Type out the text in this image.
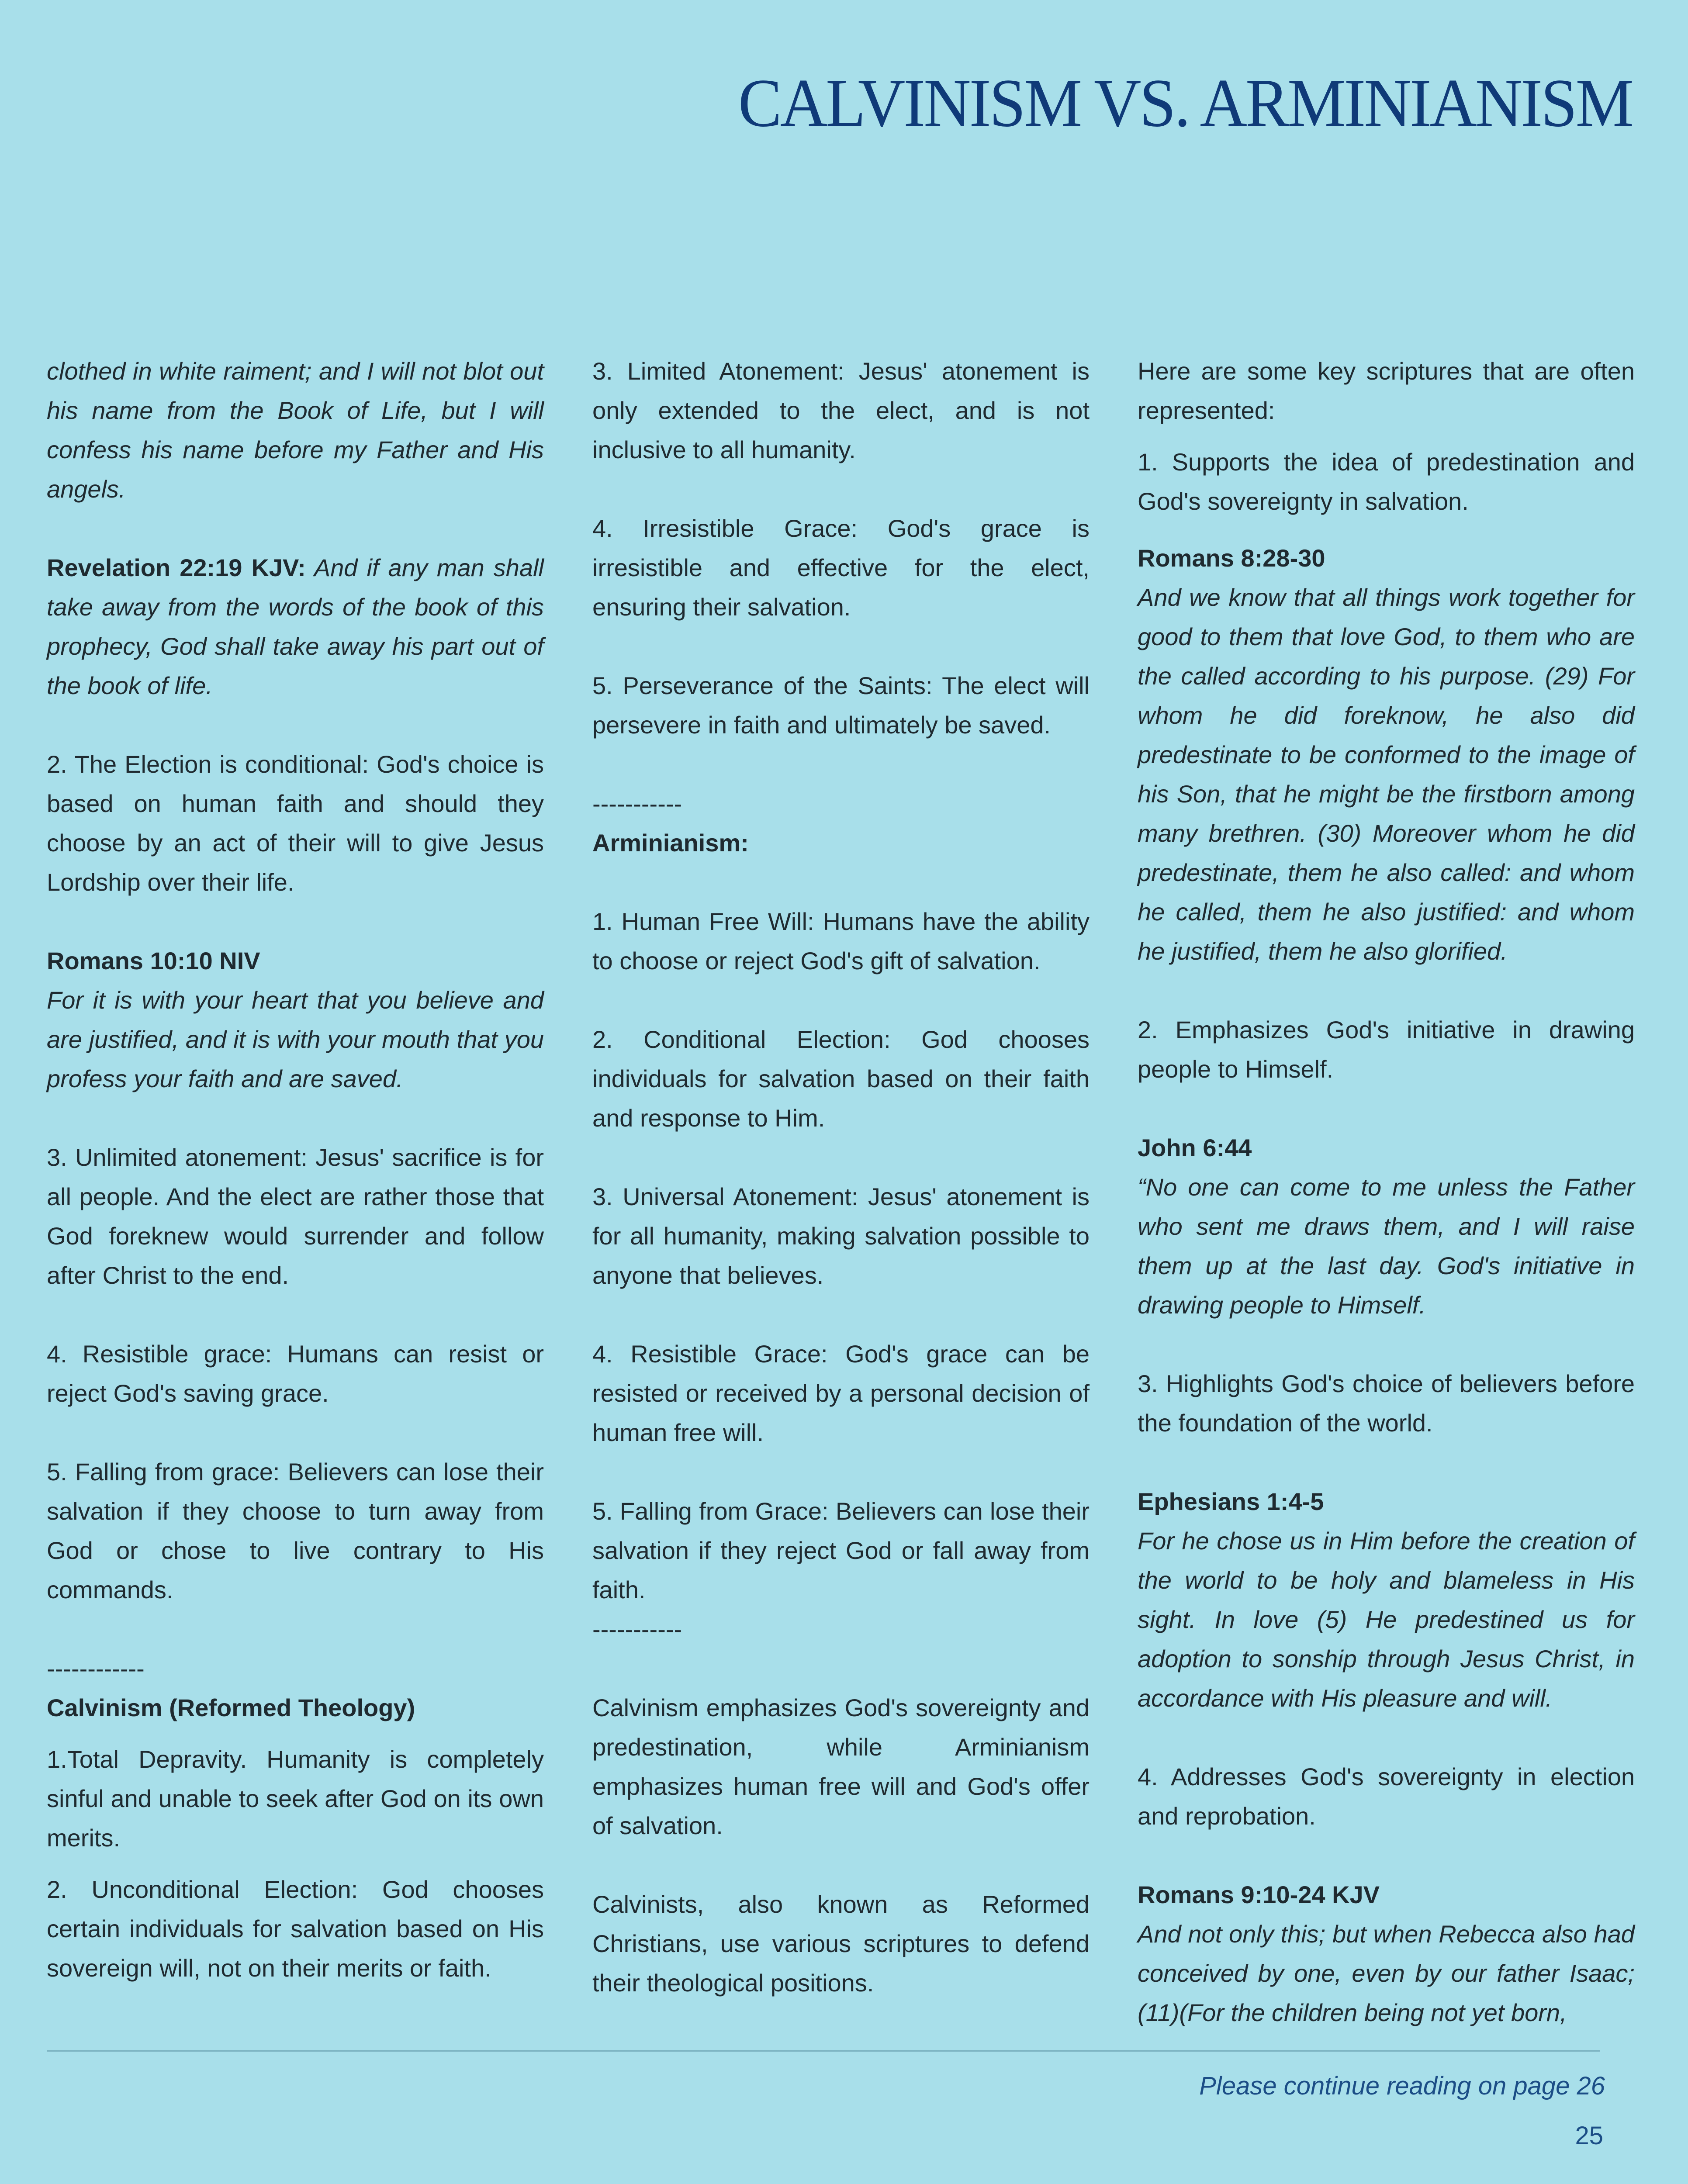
CALVINISM VS. ARMINIANISM

clothed in white raiment; and I will not blot out his name from the Book of Life, but I will confess his name before my Father and His angels.

Revelation 22:19 KJV: And if any man shall take away from the words of the book of this prophecy, God shall take away his part out of the book of life.

2. The Election is conditional: God's choice is based on human faith and should they choose by an act of their will to give Jesus Lordship over their life.

Romans 10:10 NIV

For it is with your heart that you believe and are justified, and it is with your mouth that you profess your faith and are saved.

3. Unlimited atonement: Jesus' sacrifice is for all people. And the elect are rather those that God foreknew would surrender and follow after Christ to the end.

4. Resistible grace: Humans can resist or reject God's saving grace.

5. Falling from grace: Believers can lose their salvation if they choose to turn away from God or chose to live contrary to His commands.

------------

Calvinism (Reformed Theology)

1.Total Depravity. Humanity is completely sinful and unable to seek after God on its own merits.

2. Unconditional Election: God chooses certain individuals for salvation based on His sovereign will, not on their merits or faith.

3. Limited Atonement: Jesus' atonement is only extended to the elect, and is not inclusive to all humanity.

4. Irresistible Grace: God's grace is irresistible and effective for the elect, ensuring their salvation.

5. Perseverance of the Saints: The elect will persevere in faith and ultimately be saved.

-----------

Arminianism:

1. Human Free Will: Humans have the ability to choose or reject God's gift of salvation.

2. Conditional Election: God chooses individuals for salvation based on their faith and response to Him.

3. Universal Atonement: Jesus' atonement is for all humanity, making salvation possible to anyone that believes.

4. Resistible Grace: God's grace can be resisted or received by a personal decision of human free will.

5. Falling from Grace: Believers can lose their salvation if they reject God or fall away from faith.

-----------

Calvinism emphasizes God's sovereignty and predestination, while Arminianism emphasizes human free will and God's offer of salvation.

Calvinists, also known as Reformed Christians, use various scriptures to defend their theological positions.

Here are some key scriptures that are often represented:

1. Supports the idea of predestination and God's sovereignty in salvation.

Romans 8:28-30

And we know that all things work together for good to them that love God, to them who are the called according to his purpose. (29) For whom he did foreknow, he also did predestinate to be conformed to the image of his Son, that he might be the firstborn among many brethren. (30) Moreover whom he did predestinate, them he also called: and whom he called, them he also justified: and whom he justified, them he also glorified.

2. Emphasizes God's initiative in drawing people to Himself.

John 6:44

“No one can come to me unless the Father who sent me draws them, and I will raise them up at the last day. God's initiative in drawing people to Himself.

3. Highlights God's choice of believers before the foundation of the world.

Ephesians 1:4-5

For he chose us in Him before the creation of the world to be holy and blameless in His sight. In love (5) He predestined us for adoption to sonship through Jesus Christ, in accordance with His pleasure and will.

4. Addresses God's sovereignty in election and reprobation.

Romans 9:10-24 KJV

And not only this; but when Rebecca also had conceived by one, even by our father Isaac; (11)(For the children being not yet born,

Please continue reading on page 26
25
